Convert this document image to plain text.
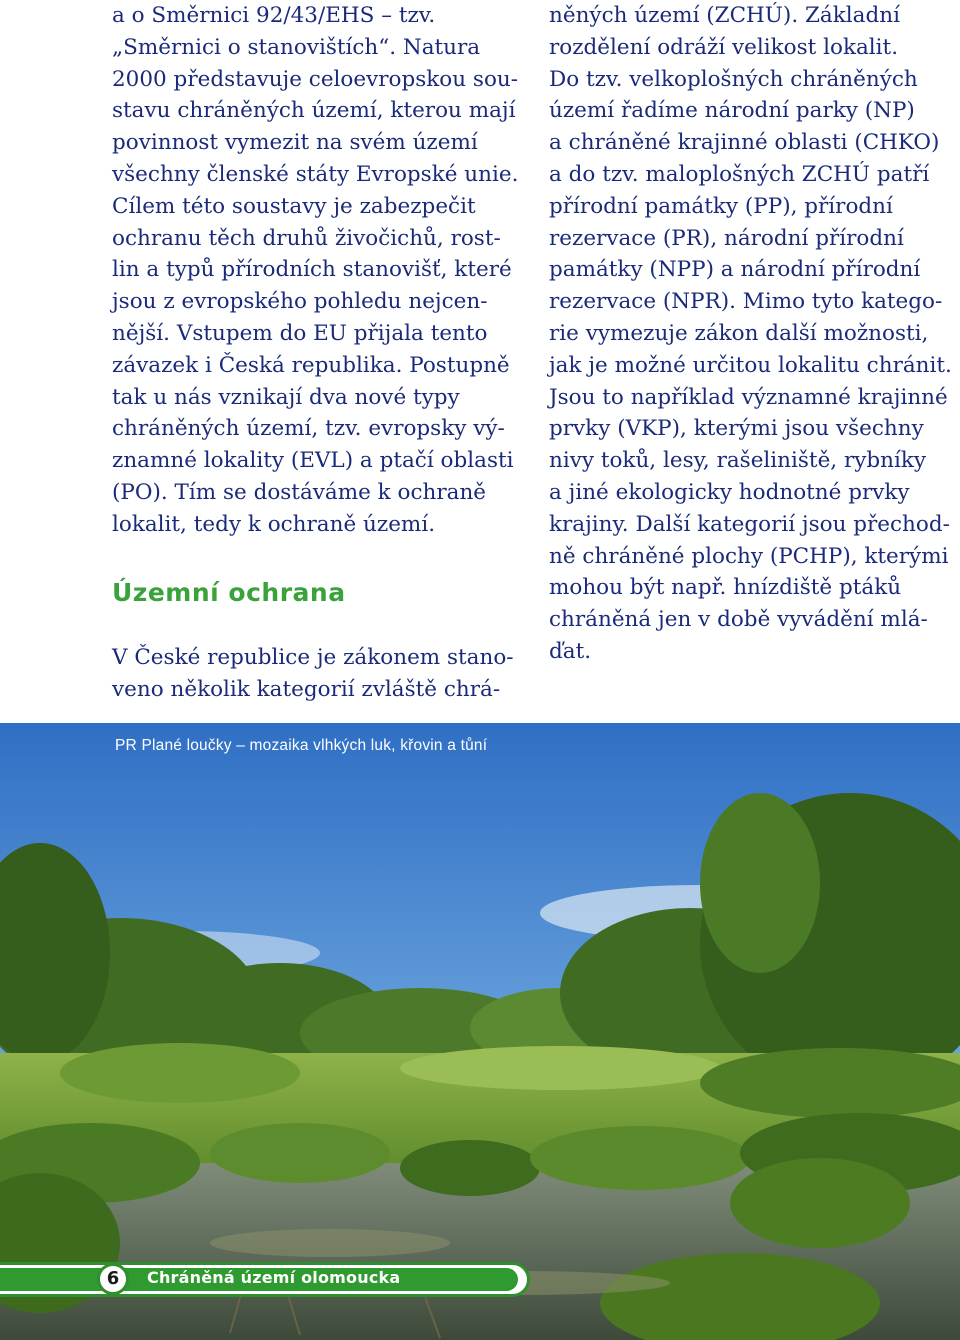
a o Směrnici 92/43/EHS – tzv.
„Směrnici o stanovištích“. Natura
2000 představuje celoevropskou sou-
stavu chráněných území, kterou mají
povinnost vymezit na svém území
všechny členské státy Evropské unie.
Cílem této soustavy je zabezpečit
ochranu těch druhů živočichů, rost-
lin a typů přírodních stanovišť, které
jsou z evropského pohledu nejcen-
nější. Vstupem do EU přijala tento
závazek i Česká republika. Postupně
tak u nás vznikají dva nové typy
chráněných území, tzv. evropsky vý-
znamné lokality (EVL) a ptačí oblasti
(PO). Tím se dostáváme k ochraně
lokalit, tedy k ochraně území.
Územní ochrana
V České republice je zákonem stano-
veno několik kategorií zvláště chrá-
něných území (ZCHÚ). Základní
rozdělení odráží velikost lokalit.
Do tzv. velkoplošných chráněných
území řadíme národní parky (NP)
a chráněné krajinné oblasti (CHKO)
a do tzv. maloplošných ZCHÚ patří
přírodní památky (PP), přírodní
rezervace (PR), národní přírodní
památky (NPP) a národní přírodní
rezervace (NPR). Mimo tyto katego-
rie vymezuje zákon další možnosti,
jak je možné určitou lokalitu chránit.
Jsou to například významné krajinné
prvky (VKP), kterými jsou všechny
nivy toků, lesy, rašeliniště, rybníky
a jiné ekologicky hodnotné prvky
krajiny. Další kategorií jsou přechod-
ně chráněné plochy (PCHP), kterými
mohou být např. hnízdiště ptáků
chráněná jen v době vyvádění mlá-
ďat.
PR Plané loučky – mozaika vlhkých luk, křovin a tůní
6	Chráněná území olomoucka
